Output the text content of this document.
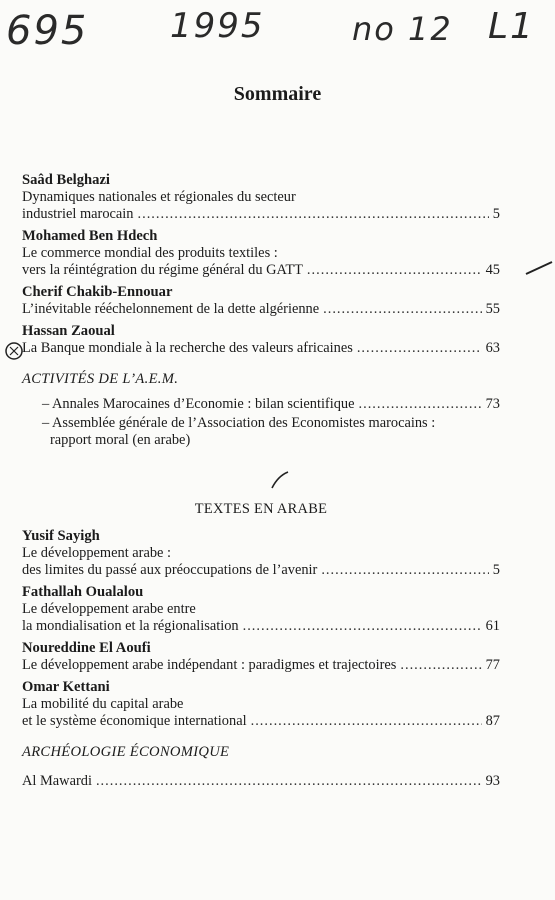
695 1995	no 12 L1
Sommaire
Saâd Belghazi
Dynamiques nationales et régionales du secteur
industriel marocain .....	5
Mohamed Ben Hdech
Le commerce mondial des produits textiles :
vers la réintégration du régime général du GATT .....	45
Cherif Chakib-Ennouar
L’inévitable rééchelonnement de la dette algérienne .....	55
Hassan Zaoual
La Banque mondiale à la recherche des valeurs africaines .....	63
ACTIVITÉS DE L’A.E.M.
– Annales Marocaines d’Economie : bilan scientifique .....	73
– Assemblée générale de l’Association des Economistes marocains :
rapport moral (en arabe)
TEXTES EN ARABE
Yusif Sayigh
Le développement arabe :
des limites du passé aux préoccupations de l’avenir .....	5
Fathallah Oualalou
Le développement arabe entre
la mondialisation et la régionalisation .....	61
Noureddine El Aoufi
Le développement arabe indépendant : paradigmes et trajectoires .....	77
Omar Kettani
La mobilité du capital arabe
et le système économique international .....	87
ARCHÉOLOGIE ÉCONOMIQUE
Al Mawardi .....	93
